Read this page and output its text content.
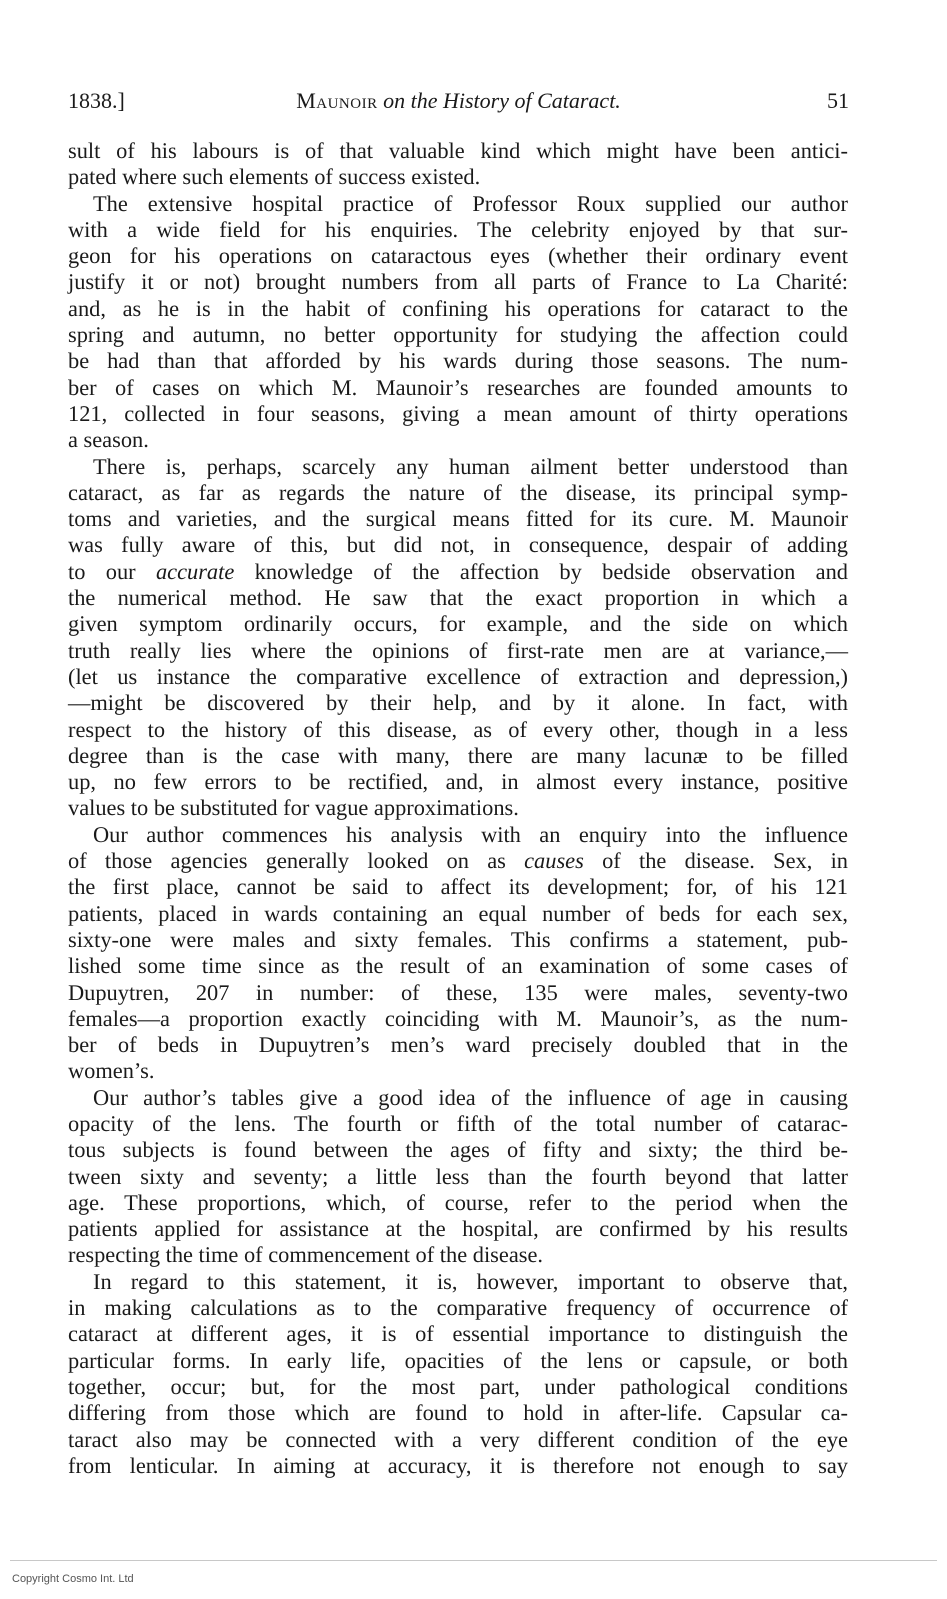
1838.]	Maunoir on the History of Cataract.	51
sult of his labours is of that valuable kind which might have been antici-
pated where such elements of success existed.
The extensive hospital practice of Professor Roux supplied our author
with a wide field for his enquiries. The celebrity enjoyed by that sur-
geon for his operations on cataractous eyes (whether their ordinary event
justify it or not) brought numbers from all parts of France to La Charité:
and, as he is in the habit of confining his operations for cataract to the
spring and autumn, no better opportunity for studying the affection could
be had than that afforded by his wards during those seasons. The num-
ber of cases on which M. Maunoir’s researches are founded amounts to
121, collected in four seasons, giving a mean amount of thirty operations
a season.
There is, perhaps, scarcely any human ailment better understood than
cataract, as far as regards the nature of the disease, its principal symp-
toms and varieties, and the surgical means fitted for its cure. M. Maunoir
was fully aware of this, but did not, in consequence, despair of adding
to our accurate knowledge of the affection by bedside observation and
the numerical method. He saw that the exact proportion in which a
given symptom ordinarily occurs, for example, and the side on which
truth really lies where the opinions of first-rate men are at variance,—
(let us instance the comparative excellence of extraction and depression,)
—might be discovered by their help, and by it alone. In fact, with
respect to the history of this disease, as of every other, though in a less
degree than is the case with many, there are many lacunæ to be filled
up, no few errors to be rectified, and, in almost every instance, positive
values to be substituted for vague approximations.
Our author commences his analysis with an enquiry into the influence
of those agencies generally looked on as causes of the disease. Sex, in
the first place, cannot be said to affect its development; for, of his 121
patients, placed in wards containing an equal number of beds for each sex,
sixty-one were males and sixty females. This confirms a statement, pub-
lished some time since as the result of an examination of some cases of
Dupuytren, 207 in number: of these, 135 were males, seventy-two
females—a proportion exactly coinciding with M. Maunoir’s, as the num-
ber of beds in Dupuytren’s men’s ward precisely doubled that in the
women’s.
Our author’s tables give a good idea of the influence of age in causing
opacity of the lens. The fourth or fifth of the total number of catarac-
tous subjects is found between the ages of fifty and sixty; the third be-
tween sixty and seventy; a little less than the fourth beyond that latter
age. These proportions, which, of course, refer to the period when the
patients applied for assistance at the hospital, are confirmed by his results
respecting the time of commencement of the disease.
In regard to this statement, it is, however, important to observe that,
in making calculations as to the comparative frequency of occurrence of
cataract at different ages, it is of essential importance to distinguish the
particular forms. In early life, opacities of the lens or capsule, or both
together, occur; but, for the most part, under pathological conditions
differing from those which are found to hold in after-life. Capsular ca-
taract also may be connected with a very different condition of the eye
from lenticular. In aiming at accuracy, it is therefore not enough to say
Copyright Cosmo Int. Ltd
